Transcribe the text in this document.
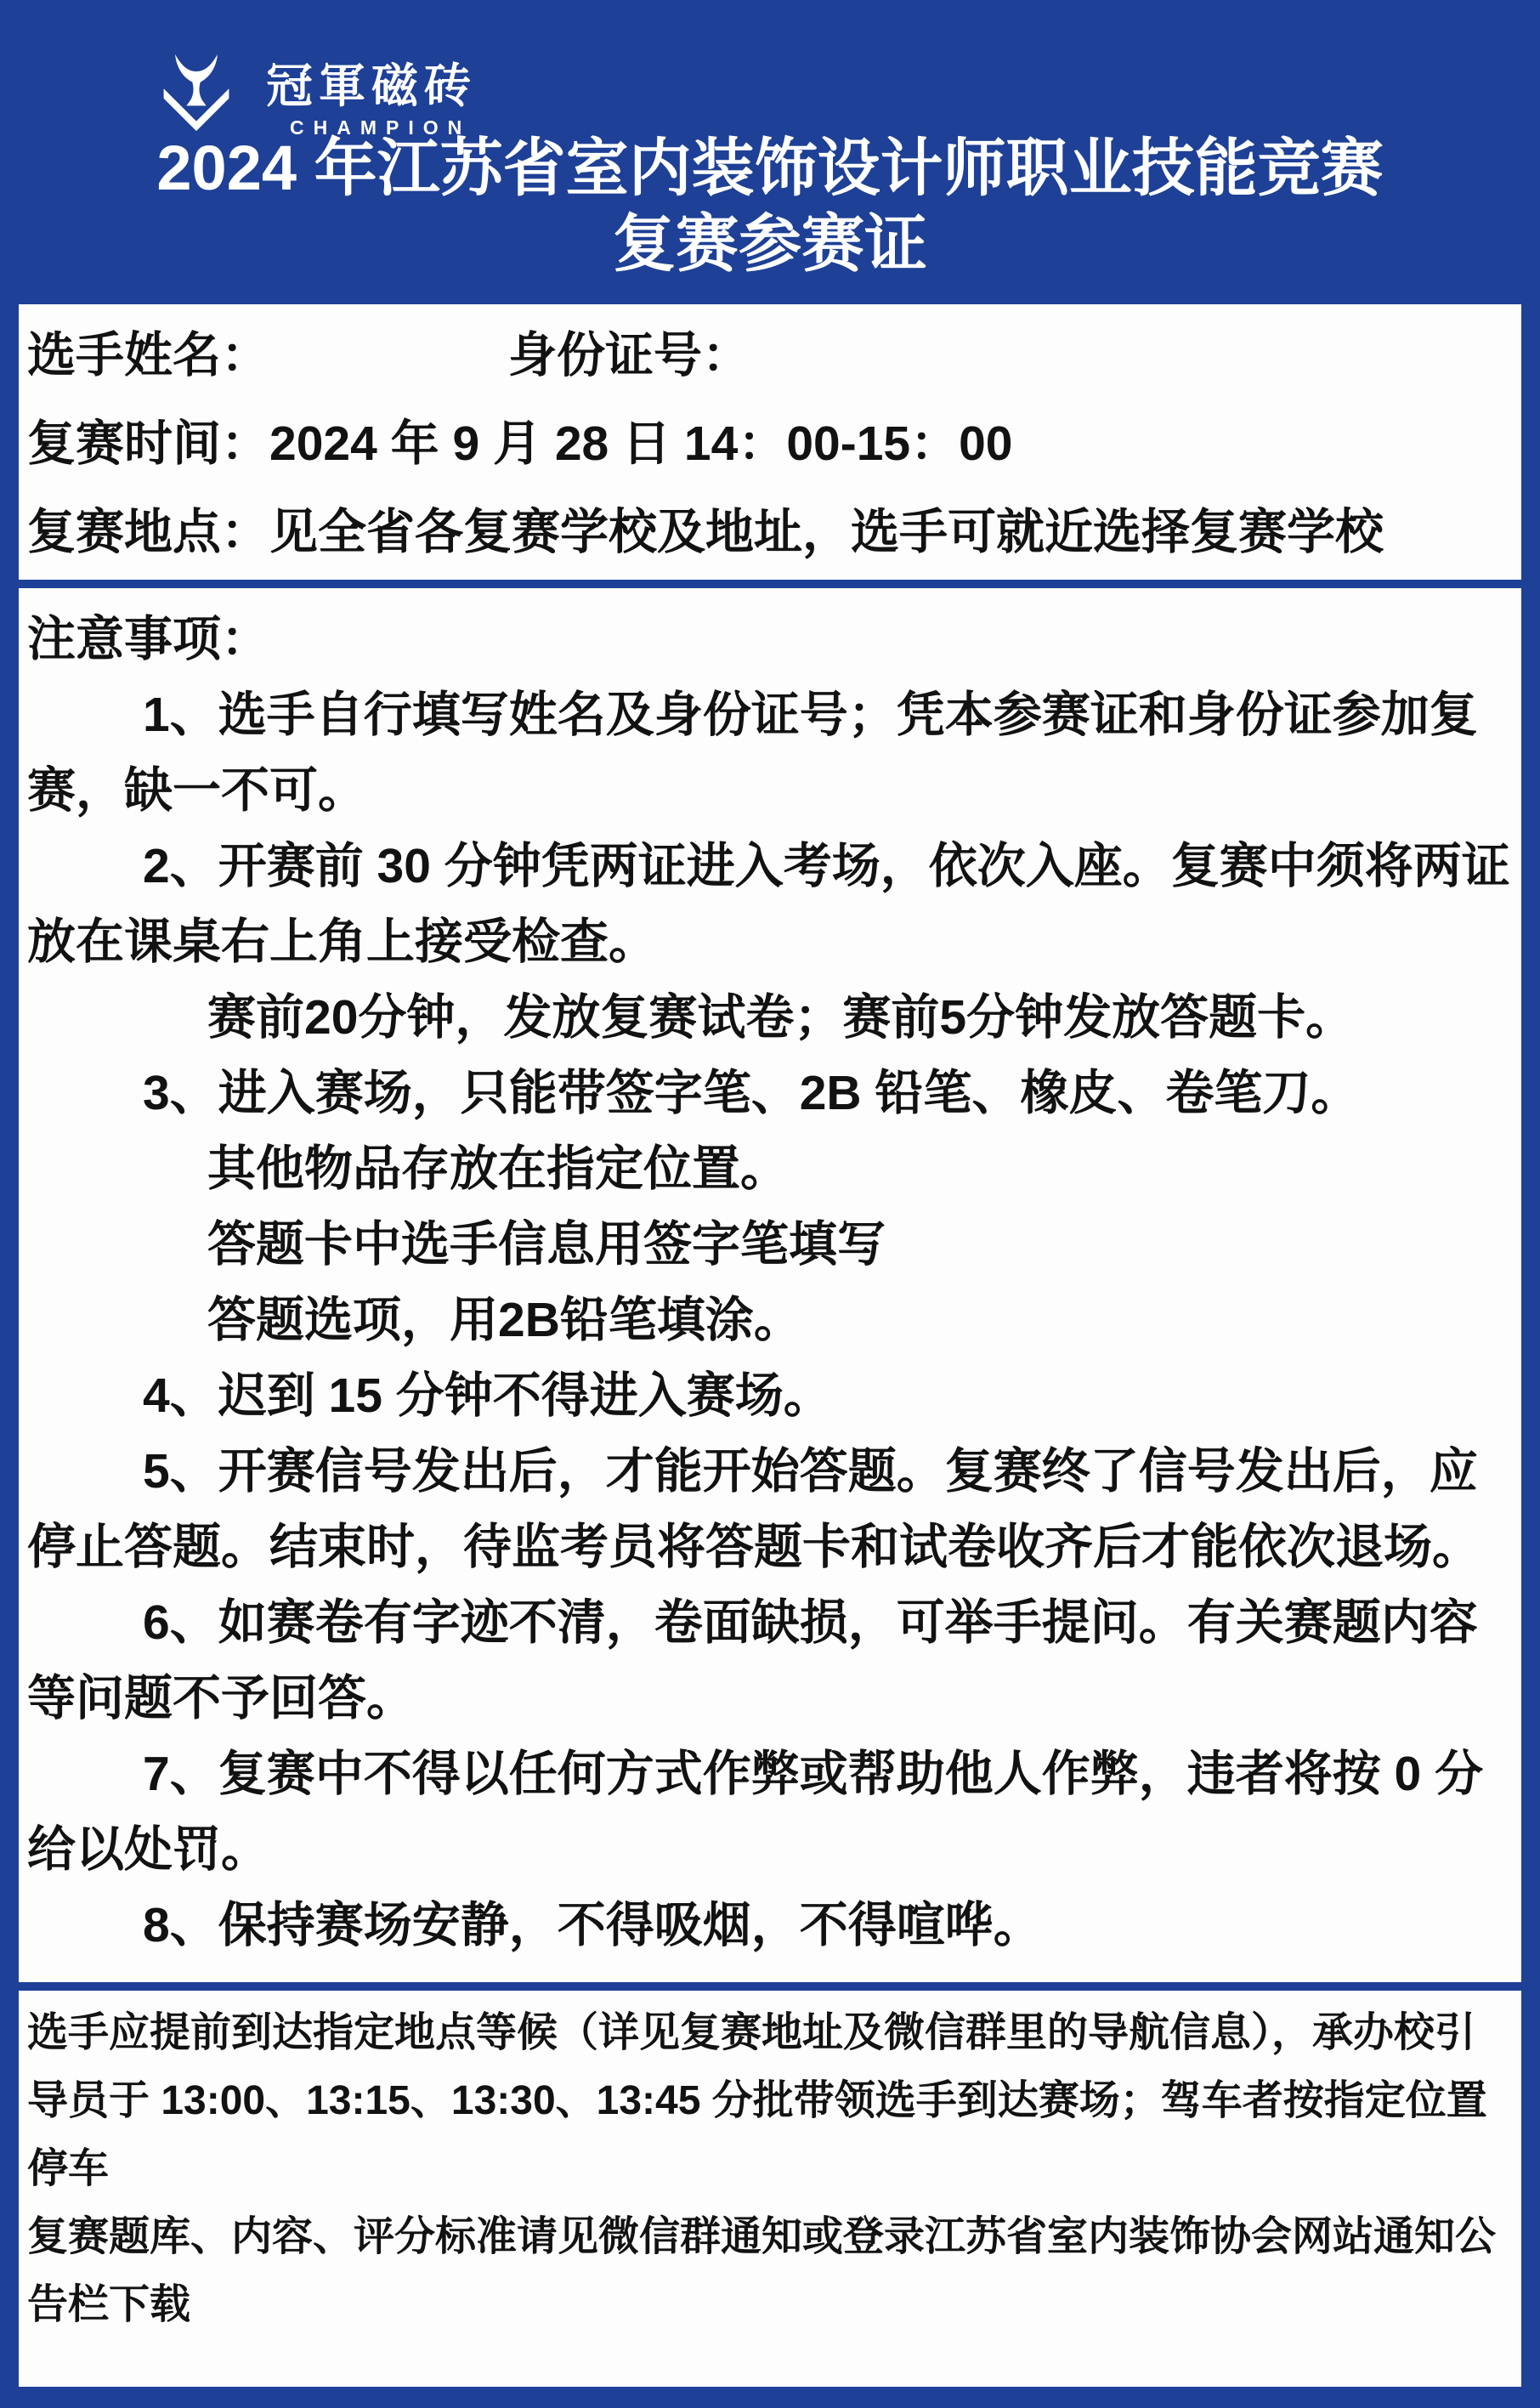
冠軍磁砖
CHAMPION
2024 年江苏省室内装饰设计师职业技能竞赛
复赛参赛证
选手姓名：	身份证号：
复赛时间：2024 年 9 月 28 日 14：00-15：00
复赛地点：见全省各复赛学校及地址，选手可就近选择复赛学校

注意事项：

1、选手自行填写姓名及身份证号；凭本参赛证和身份证参加复赛，缺一不可。

2、开赛前 30 分钟凭两证进入考场，依次入座。复赛中须将两证放在课桌右上角上接受检查。

赛前20分钟，发放复赛试卷；赛前5分钟发放答题卡。

3、进入赛场，只能带签字笔、2B 铅笔、橡皮、卷笔刀。

其他物品存放在指定位置。

答题卡中选手信息用签字笔填写

答题选项，用2B铅笔填涂。

4、迟到 15 分钟不得进入赛场。

5、开赛信号发出后，才能开始答题。复赛终了信号发出后，应停止答题。结束时，待监考员将答题卡和试卷收齐后才能依次退场。

6、如赛卷有字迹不清，卷面缺损，可举手提问。有关赛题内容等问题不予回答。

7、复赛中不得以任何方式作弊或帮助他人作弊，违者将按 0 分给以处罚。

8、保持赛场安静，不得吸烟，不得喧哗。

选手应提前到达指定地点等候（详见复赛地址及微信群里的导航信息），承办校引导员于 13:00、13:15、13:30、13:45 分批带领选手到达赛场；驾车者按指定位置停车

复赛题库、内容、评分标准请见微信群通知或登录江苏省室内装饰协会网站通知公告栏下载
